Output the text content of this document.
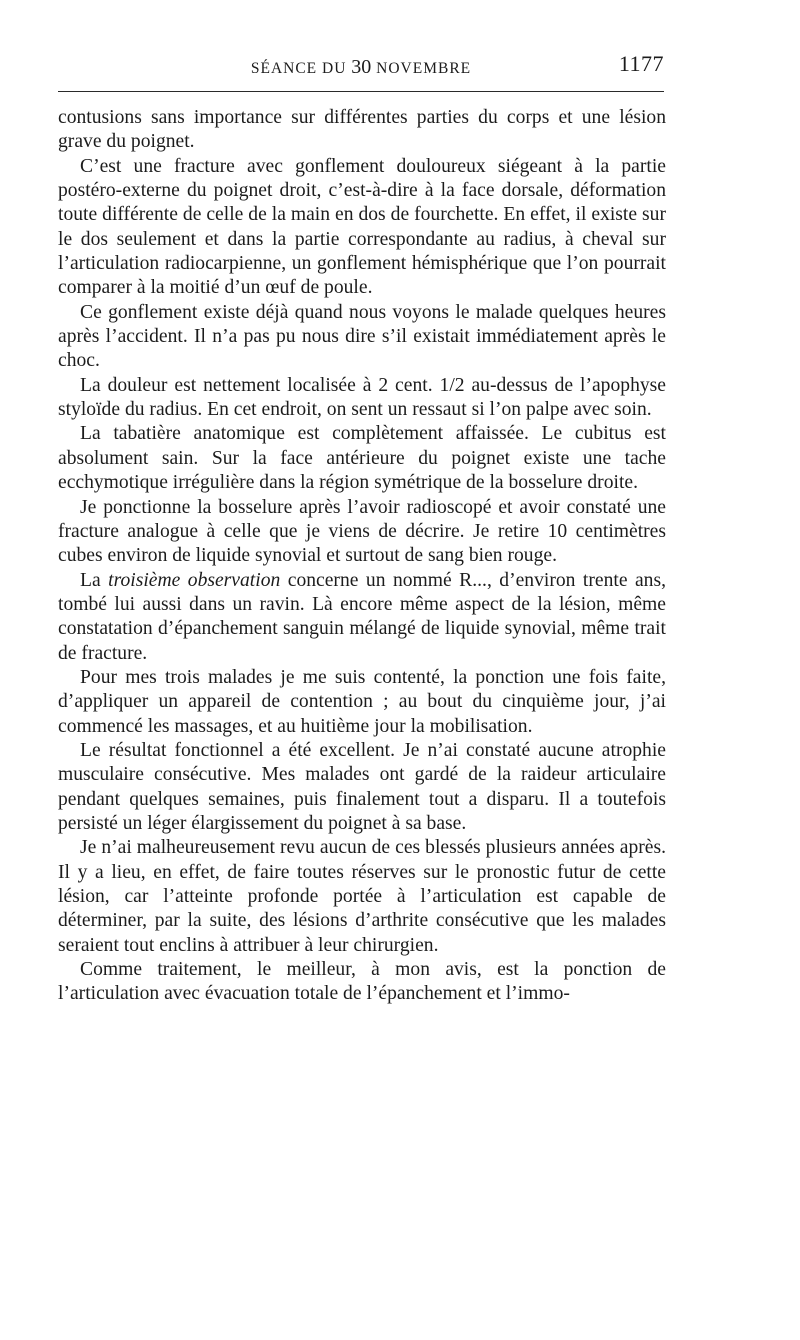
SÉANCE DU 30 NOVEMBRE	1177

contusions sans importance sur différentes parties du corps et une lésion grave du poignet.

C’est une fracture avec gonflement douloureux siégeant à la partie postéro-externe du poignet droit, c’est-à-dire à la face dorsale, déformation toute différente de celle de la main en dos de fourchette. En effet, il existe sur le dos seulement et dans la partie correspondante au radius, à cheval sur l’articulation radiocarpienne, un gonflement hémisphérique que l’on pourrait comparer à la moitié d’un œuf de poule.

Ce gonflement existe déjà quand nous voyons le malade quelques heures après l’accident. Il n’a pas pu nous dire s’il existait immédiatement après le choc.

La douleur est nettement localisée à 2 cent. 1/2 au-dessus de l’apophyse styloïde du radius. En cet endroit, on sent un ressaut si l’on palpe avec soin.

La tabatière anatomique est complètement affaissée. Le cubitus est absolument sain. Sur la face antérieure du poignet existe une tache ecchymotique irrégulière dans la région symétrique de la bosselure droite.

Je ponctionne la bosselure après l’avoir radioscopé et avoir constaté une fracture analogue à celle que je viens de décrire. Je retire 10 centimètres cubes environ de liquide synovial et surtout de sang bien rouge.

La troisième observation concerne un nommé R..., d’environ trente ans, tombé lui aussi dans un ravin. Là encore même aspect de la lésion, même constatation d’épanchement sanguin mélangé de liquide synovial, même trait de fracture.

Pour mes trois malades je me suis contenté, la ponction une fois faite, d’appliquer un appareil de contention ; au bout du cinquième jour, j’ai commencé les massages, et au huitième jour la mobilisation.

Le résultat fonctionnel a été excellent. Je n’ai constaté aucune atrophie musculaire consécutive. Mes malades ont gardé de la raideur articulaire pendant quelques semaines, puis finalement tout a disparu. Il a toutefois persisté un léger élargissement du poignet à sa base.

Je n’ai malheureusement revu aucun de ces blessés plusieurs années après. Il y a lieu, en effet, de faire toutes réserves sur le pronostic futur de cette lésion, car l’atteinte profonde portée à l’articulation est capable de déterminer, par la suite, des lésions d’arthrite consécutive que les malades seraient tout enclins à attribuer à leur chirurgien.

Comme traitement, le meilleur, à mon avis, est la ponction de l’articulation avec évacuation totale de l’épanchement et l’immo-
